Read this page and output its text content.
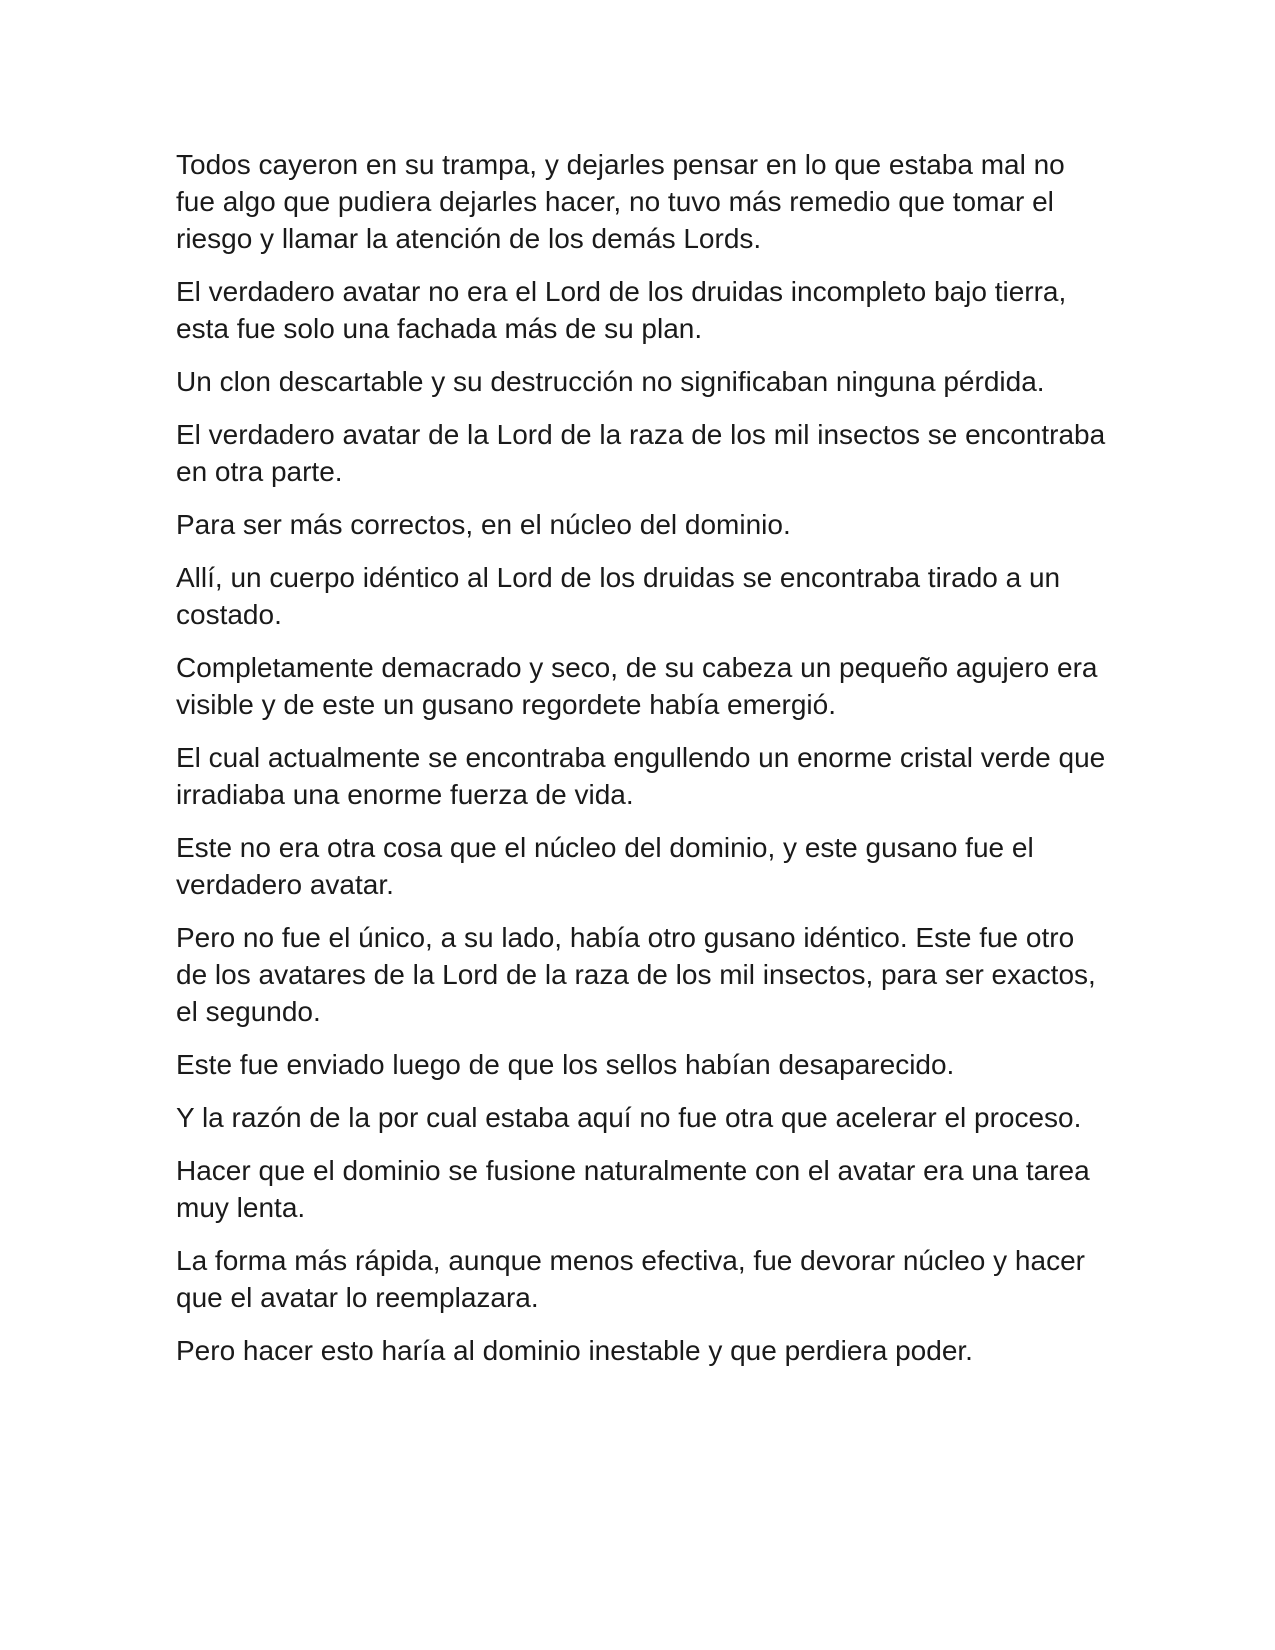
Todos cayeron en su trampa, y dejarles pensar en lo que estaba mal no fue algo que pudiera dejarles hacer, no tuvo más remedio que tomar el riesgo y llamar la atención de los demás Lords.

El verdadero avatar no era el Lord de los druidas incompleto bajo tierra, esta fue solo una fachada más de su plan.

Un clon descartable y su destrucción no significaban ninguna pérdida.

El verdadero avatar de la Lord de la raza de los mil insectos se encontraba en otra parte.

Para ser más correctos, en el núcleo del dominio.

Allí, un cuerpo idéntico al Lord de los druidas se encontraba tirado a un costado.

Completamente demacrado y seco, de su cabeza un pequeño agujero era visible y de este un gusano regordete había emergió.

El cual actualmente se encontraba engullendo un enorme cristal verde que irradiaba una enorme fuerza de vida.

Este no era otra cosa que el núcleo del dominio, y este gusano fue el verdadero avatar.

Pero no fue el único, a su lado, había otro gusano idéntico. Este fue otro de los avatares de la Lord de la raza de los mil insectos, para ser exactos, el segundo.

Este fue enviado luego de que los sellos habían desaparecido.

Y la razón de la por cual estaba aquí no fue otra que acelerar el proceso.

Hacer que el dominio se fusione naturalmente con el avatar era una tarea muy lenta.

La forma más rápida, aunque menos efectiva, fue devorar núcleo y hacer que el avatar lo reemplazara.

Pero hacer esto haría al dominio inestable y que perdiera poder.
